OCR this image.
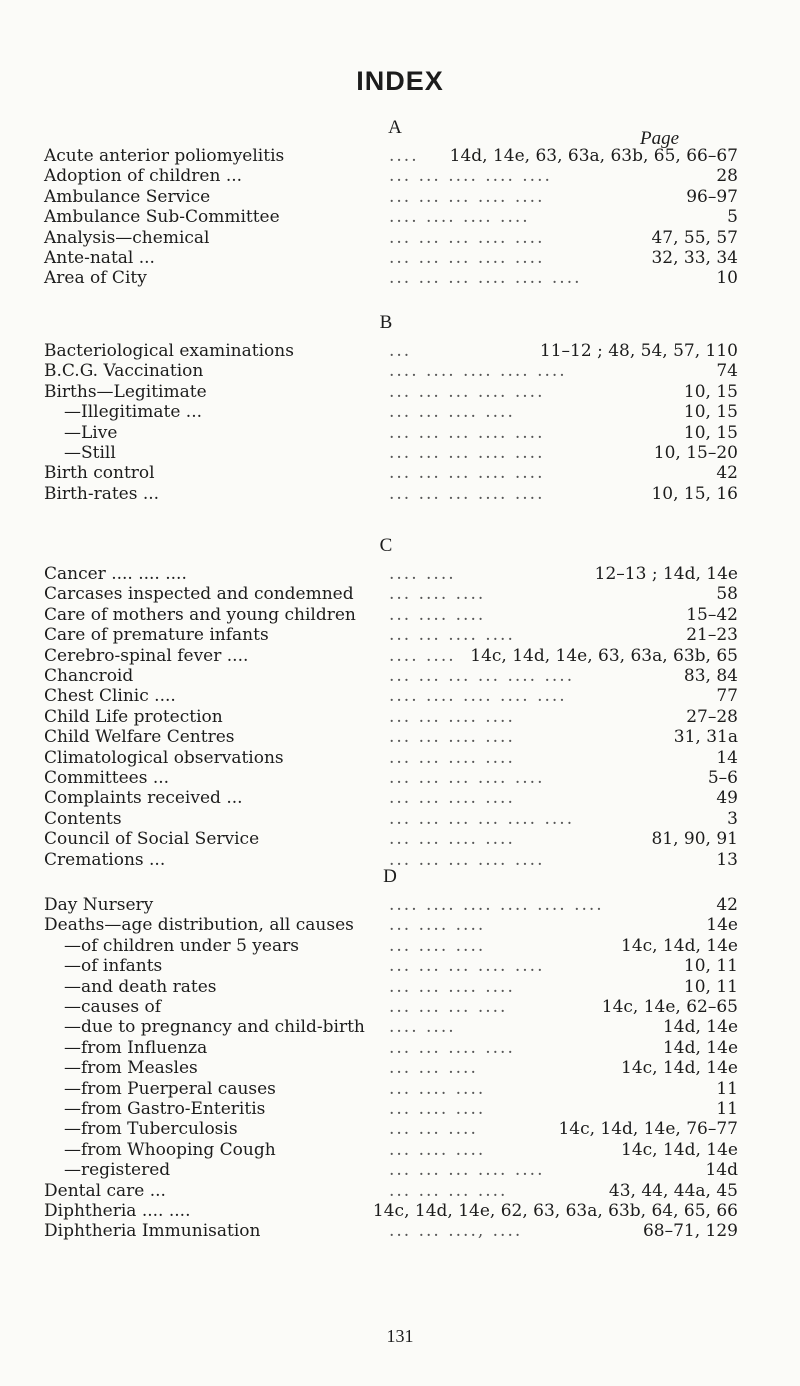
INDEX
Page
A
Acute anterior poliomyelitis	.... 14d, 14e, 63, 63a, 63b, 65, 66–67
Adoption of children ...	... ... .... .... ....	28
Ambulance Service	... ... ... .... ....	96–97
Ambulance Sub-Committee	.... .... .... ....	5
Analysis—chemical	... ... ... .... ....	47, 55, 57
Ante-natal ...	... ... ... .... ....	32, 33, 34
Area of City	... ... ... .... .... ....	10
B
Bacteriological examinations	...	11–12 ; 48, 54, 57, 110
B.C.G. Vaccination	.... .... .... .... ....	74
Births—Legitimate	... ... ... .... ....	10, 15
—Illegitimate ...	... ... .... ....	10, 15
—Live	... ... ... .... ....	10, 15
—Still	... ... ... .... ....	10, 15–20
Birth control	... ... ... .... ....	42
Birth-rates ...	... ... ... .... ....	10, 15, 16
C
Cancer .... .... ....	.... ....	12–13 ; 14d, 14e
Carcases inspected and condemned ... .... ....	58
Care of mothers and young children ... .... ....	15–42
Care of premature infants	... ... .... ....	21–23
Cerebro-spinal fever ....	.... .... 14c, 14d, 14e, 63, 63a, 63b, 65
Chancroid	... ... ... ... .... ....	83, 84
Chest Clinic ....	.... .... .... .... ....	77
Child Life protection	... ... .... ....	27–28
Child Welfare Centres	... ... .... ....	31, 31a
Climatological observations	... ... .... ....	14
Committees ...	... ... ... .... ....	5–6
Complaints received ...	... ... .... ....	49
Contents	... ... ... ... .... ....	3
Council of Social Service	... ... .... ....	81, 90, 91
Cremations ...	... ... ... .... ....	13
D
Day Nursery	.... .... .... .... .... ....	42
Deaths—age distribution, all causes ... .... ....	14e
—of children under 5 years	... .... ....	14c, 14d, 14e
—of infants	... ... ... .... ....	10, 11
—and death rates	... ... .... ....	10, 11
—causes of	... ... ... ....	14c, 14e, 62–65
—due to pregnancy and child-birth .... ....	14d, 14e
—from Influenza	... ... .... ....	14d, 14e
—from Measles	... ... ....	14c, 14d, 14e
—from Puerperal causes	... .... ....	11
—from Gastro-Enteritis	... .... ....	11
—from Tuberculosis	... ... ....	14c, 14d, 14e, 76–77
—from Whooping Cough	... .... ....	14c, 14d, 14e
—registered	... ... ... .... ....	14d
Dental care ...	... ... ... ....	43, 44, 44a, 45
Diphtheria .... ....	14c, 14d, 14e, 62, 63, 63a, 63b, 64, 65, 66
Diphtheria Immunisation	... ... ...., ....	68–71, 129
131
